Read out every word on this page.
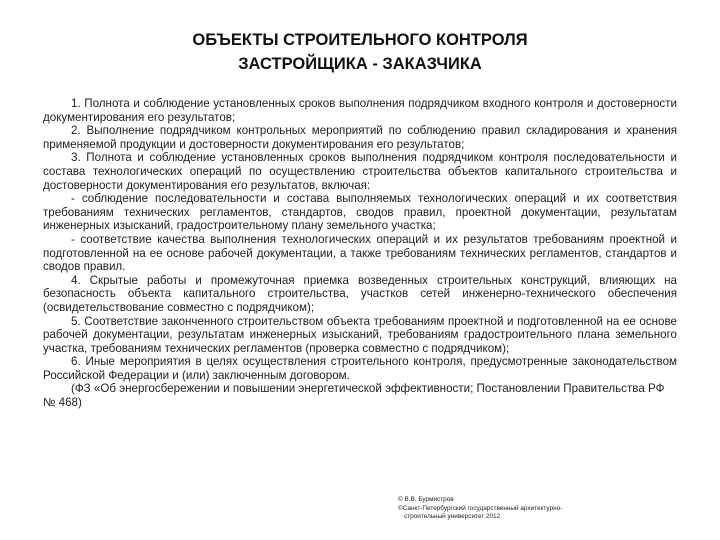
ОБЪЕКТЫ СТРОИТЕЛЬНОГО КОНТРОЛЯ
ЗАСТРОЙЩИКА - ЗАКАЗЧИКА

1. Полнота и соблюдение установленных сроков выполнения подрядчиком входного контроля и достоверности документирования его результатов;

2. Выполнение подрядчиком контрольных мероприятий по соблюдению правил складирования и хранения применяемой продукции и достоверности документирования его результатов;

3. Полнота и соблюдение установленных сроков выполнения подрядчиком контроля последовательности и состава технологических операций по осуществлению строительства объектов капитального строительства и достоверности документирования его результатов, включая:

- соблюдение последовательности и состава выполняемых технологических операций и их соответствия требованиям технических регламентов, стандартов, сводов правил, проектной документации, результатам инженерных изысканий, градостроительному плану земельного участка;

- соответствие качества выполнения технологических операций и их результатов требованиям проектной и подготовленной на ее основе рабочей документации, а также требованиям технических регламентов, стандартов и сводов правил.

4. Скрытые работы и промежуточная приемка возведенных строительных конструкций, влияющих на безопасность объекта капитального строительства, участков сетей инженерно-технического обеспечения (освидетельствование совместно с подрядчиком);

5. Соответствие законченного строительством объекта требованиям проектной и подготовленной на ее основе рабочей документации, результатам инженерных изысканий, требованиям градостроительного плана земельного участка, требованиям технических регламентов (проверка совместно с подрядчиком);

6. Иные мероприятия в целях осуществления строительного контроля, предусмотренные законодательством Российской Федерации и (или) заключенным договором.

(ФЗ «Об энергосбережении и повышении энергетической эффективности; Постановлении Правительства РФ № 468)

© В.В. Бурмистров
©Санкт-Петербургский государственный архитектурно-
строительный университет 2012
